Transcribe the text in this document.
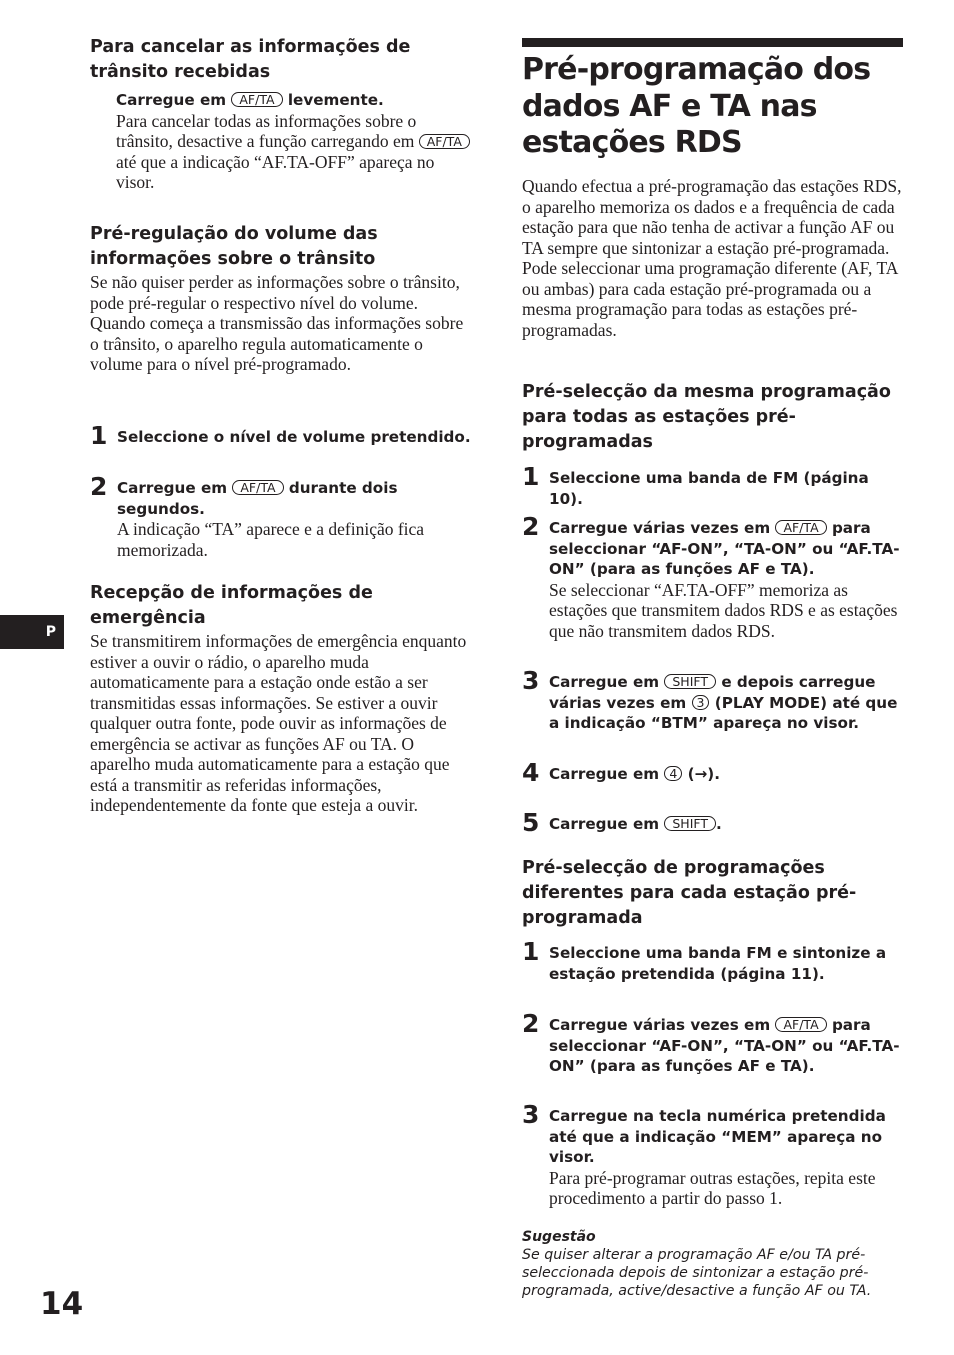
Para cancelar as informações de trânsito recebidas

Carregue em AF/TA levemente.

Para cancelar todas as informações sobre o trânsito, desactive a função carregando em AF/TA até que a indicação “AF.TA-OFF” apareça no visor.

Pré-regulação do volume das informações sobre o trânsito

Se não quiser perder as informações sobre o trânsito, pode pré-regular o respectivo nível do volume. Quando começa a transmissão das informações sobre o trânsito, o aparelho regula automaticamente o volume para o nível pré-programado.

1 Seleccione o nível de volume pretendido.

2 Carregue em AF/TA durante dois segundos.

A indicação “TA” aparece e a definição fica memorizada.

Recepção de informações de emergência

Se transmitirem informações de emergência enquanto estiver a ouvir o rádio, o aparelho muda automaticamente para a estação onde estão a ser transmitidas essas informações. Se estiver a ouvir qualquer outra fonte, pode ouvir as informações de emergência se activar as funções AF ou TA. O aparelho muda automaticamente para a estação que está a transmitir as referidas informações, independentemente da fonte que esteja a ouvir.

P
Pré-programação dos dados AF e TA nas estações RDS

Quando efectua a pré-programação das estações RDS, o aparelho memoriza os dados e a frequência de cada estação para que não tenha de activar a função AF ou TA sempre que sintonizar a estação pré-programada. Pode seleccionar uma programação diferente (AF, TA ou ambas) para cada estação pré-programada ou a mesma programação para todas as estações pré-programadas.

Pré-selecção da mesma programação para todas as estações pré-programadas
1 Seleccione uma banda de FM (página 10).

2 Carregue várias vezes em AF/TA para seleccionar “AF-ON”, “TA-ON” ou “AF.TA-ON” (para as funções AF e TA).

Se seleccionar “AF.TA-OFF” memoriza as estações que transmitem dados RDS e as estações que não transmitem dados RDS.

3 Carregue em SHIFT e depois carregue várias vezes em 3 (PLAY MODE) até que a indicação “BTM” apareça no visor.

4 Carregue em 4 (→).

5 Carregue em SHIFT .

Pré-selecção de programações diferentes para cada estação pré-programada
1 Seleccione uma banda FM e sintonize a estação pretendida (página 11).

2 Carregue várias vezes em AF/TA para seleccionar “AF-ON”, “TA-ON” ou “AF.TA-ON” (para as funções AF e TA).

3 Carregue na tecla numérica pretendida até que a indicação “MEM” apareça no visor.

Para pré-programar outras estações, repita este procedimento a partir do passo 1.

Sugestão

Se quiser alterar a programação AF e/ou TA pré-seleccionada depois de sintonizar a estação pré-programada, active/desactive a função AF ou TA.

14
